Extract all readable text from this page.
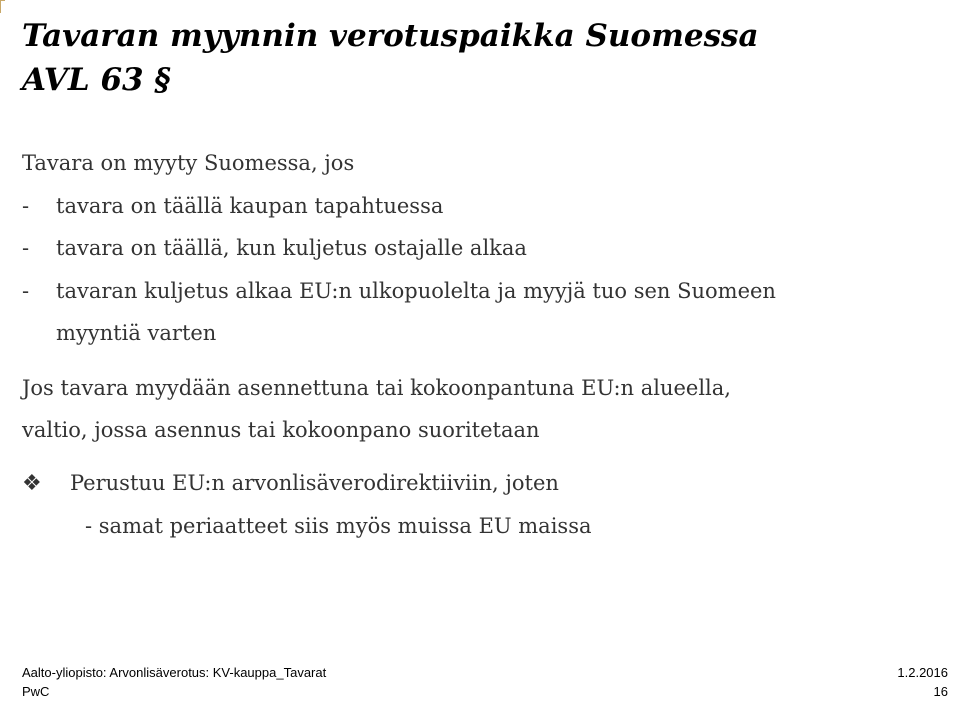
Tavaran myynnin verotuspaikka Suomessa
AVL 63 §
Tavara on myyty Suomessa, jos
-	tavara on täällä kaupan tapahtuessa
-	tavara on täällä, kun kuljetus ostajalle alkaa
-	tavaran kuljetus alkaa EU:n ulkopuolelta ja myyjä tuo sen Suomeen
myyntiä varten
Jos tavara myydään asennettuna tai kokoonpantuna EU:n alueella,
valtio, jossa asennus tai kokoonpano suoritetaan
❖	Perustuu EU:n arvonlisäverodirektiiviin, joten
- samat periaatteet siis myös muissa EU maissa
Aalto-yliopisto: Arvonlisäverotus: KV-kauppa_Tavarat	1.2.2016
PwC	16
